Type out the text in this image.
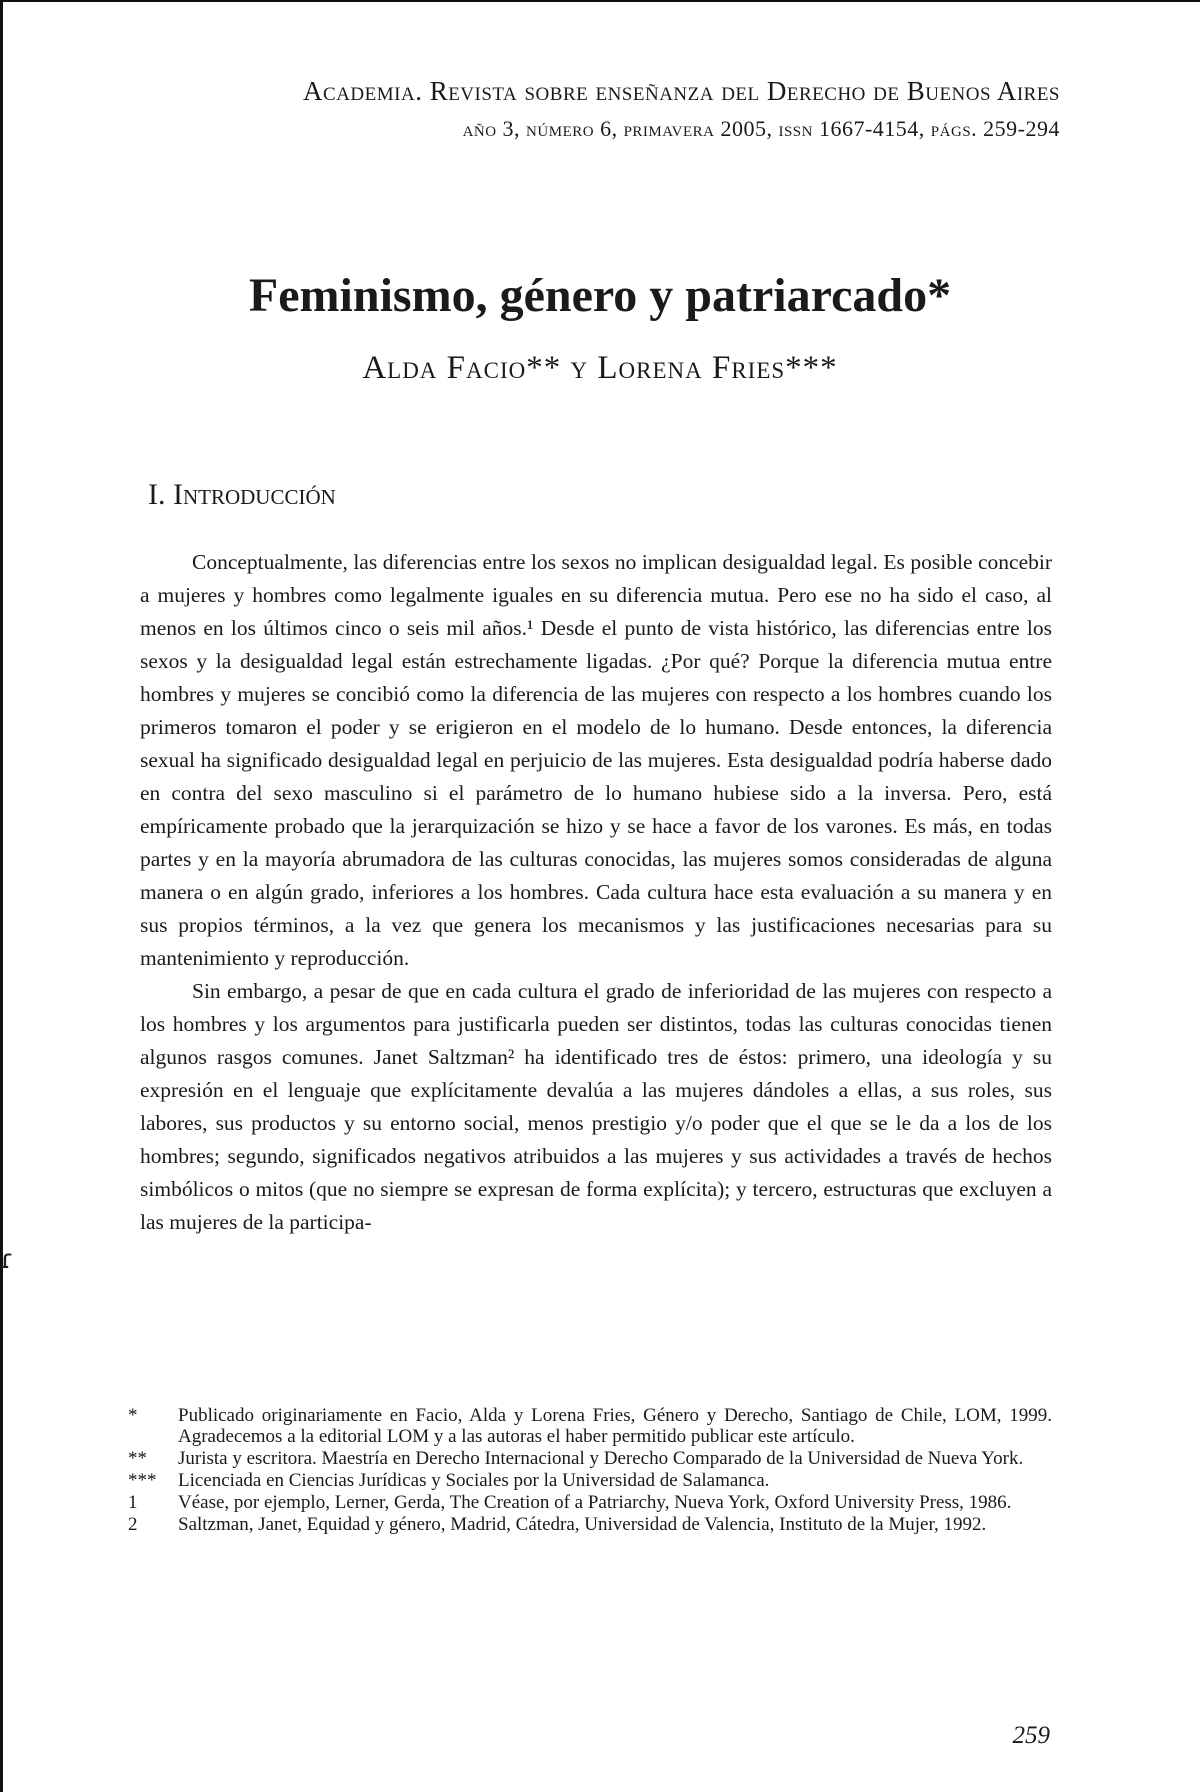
Academia. Revista sobre enseñanza del Derecho de Buenos Aires
año 3, número 6, primavera 2005, issn 1667-4154, págs. 259-294
Feminismo, género y patriarcado*
Alda Facio** y Lorena Fries***
I. Introducción

Conceptualmente, las diferencias entre los sexos no implican desigualdad legal. Es posible concebir a mujeres y hombres como legalmente iguales en su diferencia mutua. Pero ese no ha sido el caso, al menos en los últimos cinco o seis mil años.¹ Desde el punto de vista histórico, las diferencias entre los sexos y la desigualdad legal están estrechamente ligadas. ¿Por qué? Porque la diferencia mutua entre hombres y mujeres se concibió como la diferencia de las mujeres con respecto a los hombres cuando los primeros tomaron el poder y se erigieron en el modelo de lo humano. Desde entonces, la diferencia sexual ha significado desigualdad legal en perjuicio de las mujeres. Esta desigualdad podría haberse dado en contra del sexo masculino si el parámetro de lo humano hubiese sido a la inversa. Pero, está empíricamente probado que la jerarquización se hizo y se hace a favor de los varones. Es más, en todas partes y en la mayoría abrumadora de las culturas conocidas, las mujeres somos consideradas de alguna manera o en algún grado, inferiores a los hombres. Cada cultura hace esta evaluación a su manera y en sus propios términos, a la vez que genera los mecanismos y las justificaciones necesarias para su mantenimiento y reproducción.

Sin embargo, a pesar de que en cada cultura el grado de inferioridad de las mujeres con respecto a los hombres y los argumentos para justificarla pueden ser distintos, todas las culturas conocidas tienen algunos rasgos comunes. Janet Saltzman² ha identificado tres de éstos: primero, una ideología y su expresión en el lenguaje que explícitamente devalúa a las mujeres dándoles a ellas, a sus roles, sus labores, sus productos y su entorno social, menos prestigio y/o poder que el que se le da a los de los hombres; segundo, significados negativos atribuidos a las mujeres y sus actividades a través de hechos simbólicos o mitos (que no siempre se expresan de forma explícita); y tercero, estructuras que excluyen a las mujeres de la participa-

ɾ
*	Publicado originariamente en Facio, Alda y Lorena Fries, Género y Derecho, Santiago de Chile, LOM, 1999. Agradecemos a la editorial LOM y a las autoras el haber permitido publicar este artículo.
**	Jurista y escritora. Maestría en Derecho Internacional y Derecho Comparado de la Universidad de Nueva York.
***	Licenciada en Ciencias Jurídicas y Sociales por la Universidad de Salamanca.
1	Véase, por ejemplo, Lerner, Gerda, The Creation of a Patriarchy, Nueva York, Oxford University Press, 1986.
2	Saltzman, Janet, Equidad y género, Madrid, Cátedra, Universidad de Valencia, Instituto de la Mujer, 1992.
259
